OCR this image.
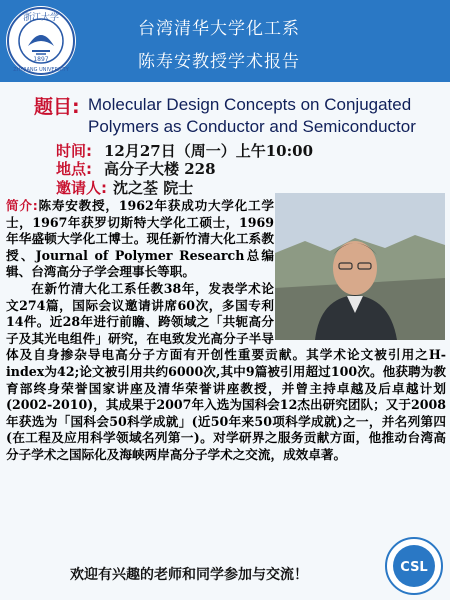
浙江大学
1897
ZHEJIANG UNIVERSITY
台湾清华大学化工系
陈寿安教授学术报告
题目: Molecular Design Concepts on Conjugated Polymers as Conductor and Semiconductor
时间: 12月27日（周一）上午10:00
地点: 高分子大楼 228
邀请人: 沈之荃 院士

简介:陈寿安教授，1962年获成功大学化工学士，1967年获罗切斯特大学化工硕士，1969年华盛顿大学化工博士。现任新竹清大化工系教授、Journal of Polymer Research总编辑、台湾高分子学会理事长等职。

在新竹清大化工系任教38年，发表学术论文274篇，国际会议邀请讲席60次，多国专利14件。近28年进行前瞻、跨领域之「共轭高分子及其光电组件」研究，在电致发光高分子半导体及自身掺杂导电高分子方面有开创性重要贡献。其学术论文被引用之H-index为42;论文被引用共约6000次,其中9篇被引用超过100次。他获聘为教育部终身荣誉国家讲座及清华荣誉讲座教授，并曾主持卓越及后卓越计划 (2002-2010)，其成果于2007年入选为国科会12杰出研究团队；又于2008年获选为「国科会50科学成就」(近50年来50项科学成就)之一，并名列第四(在工程及应用科学领域名列第一)。对学研界之服务贡献方面，他推动台湾高分子学术之国际化及海峡两岸高分子学术之交流，成效卓著。

欢迎有兴趣的老师和同学参加与交流！	CSL
